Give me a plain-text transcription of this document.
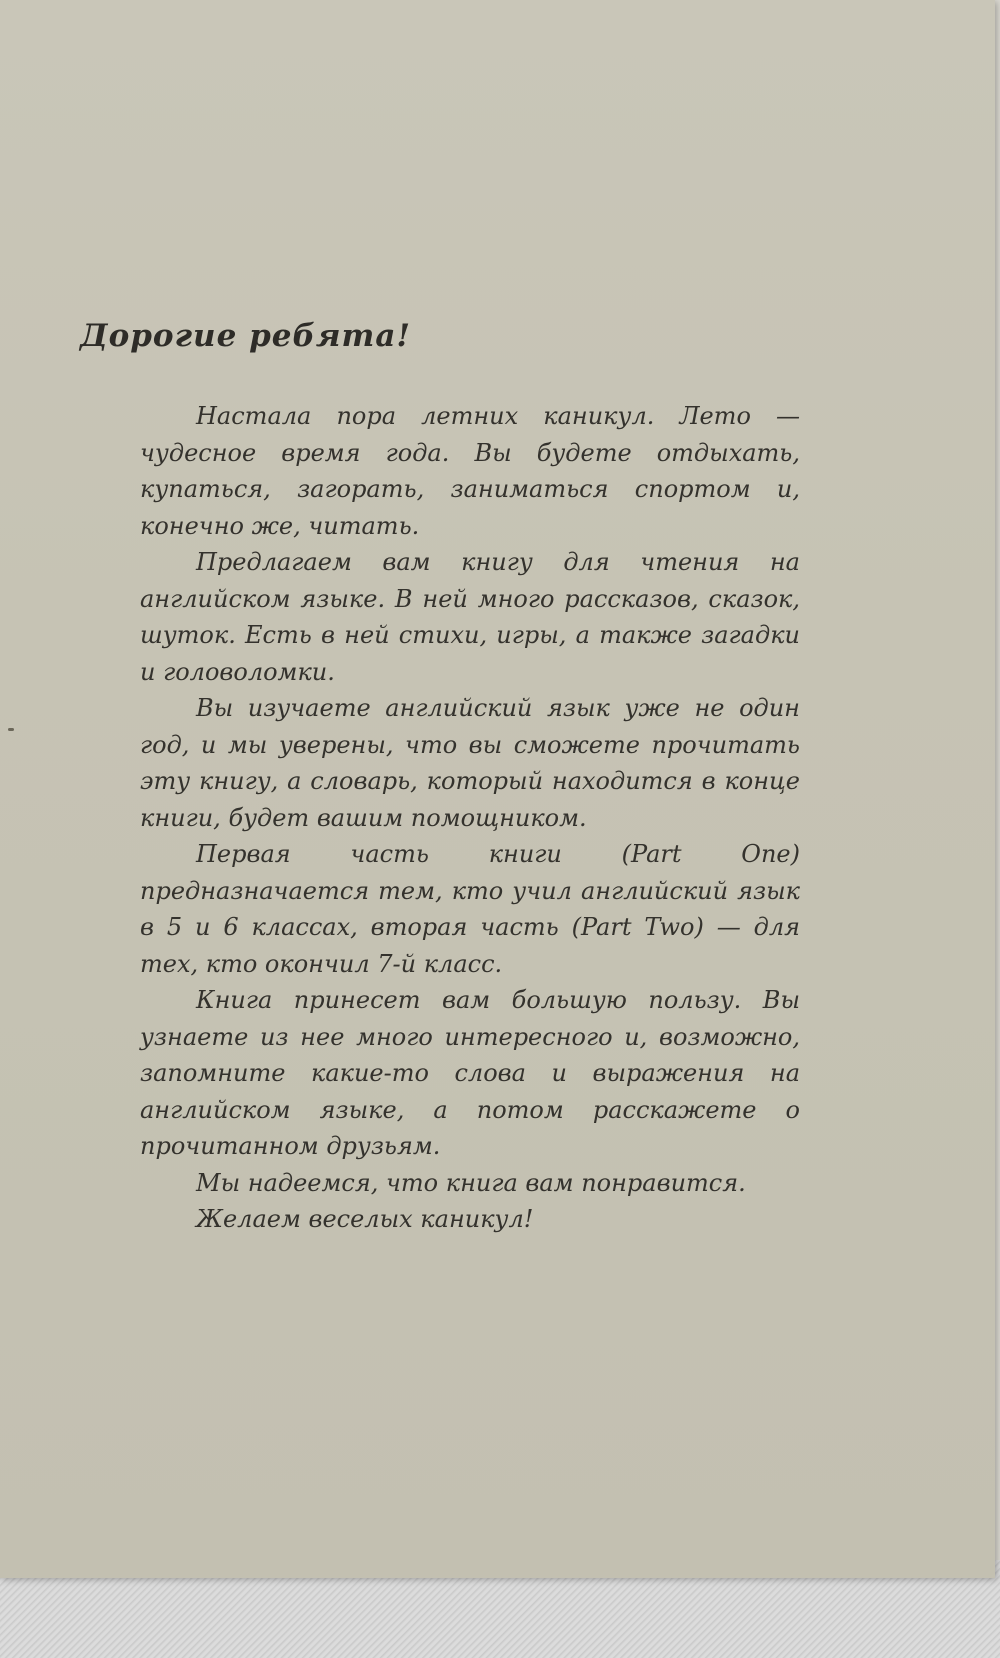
Дорогие ребята!

Настала пора летних каникул. Лето — чудесное время года. Вы будете отдыхать, купаться, загорать, заниматься спортом и, конечно же, читать.

Предлагаем вам книгу для чтения на английском языке. В ней много рассказов, сказок, шуток. Есть в ней стихи, игры, а также загадки и головоломки.

Вы изучаете английский язык уже не один год, и мы уверены, что вы сможете прочитать эту книгу, а словарь, который находится в конце книги, будет вашим помощником.

Первая часть книги (Part One) предназначается тем, кто учил английский язык в 5 и 6 классах, вторая часть (Part Two) — для тех, кто окончил 7-й класс.

Книга принесет вам большую пользу. Вы узнаете из нее много интересного и, возможно, запомните какие-то слова и выражения на английском языке, а потом расскажете о прочитанном друзьям.

Мы надеемся, что книга вам понравится.

Желаем веселых каникул!
